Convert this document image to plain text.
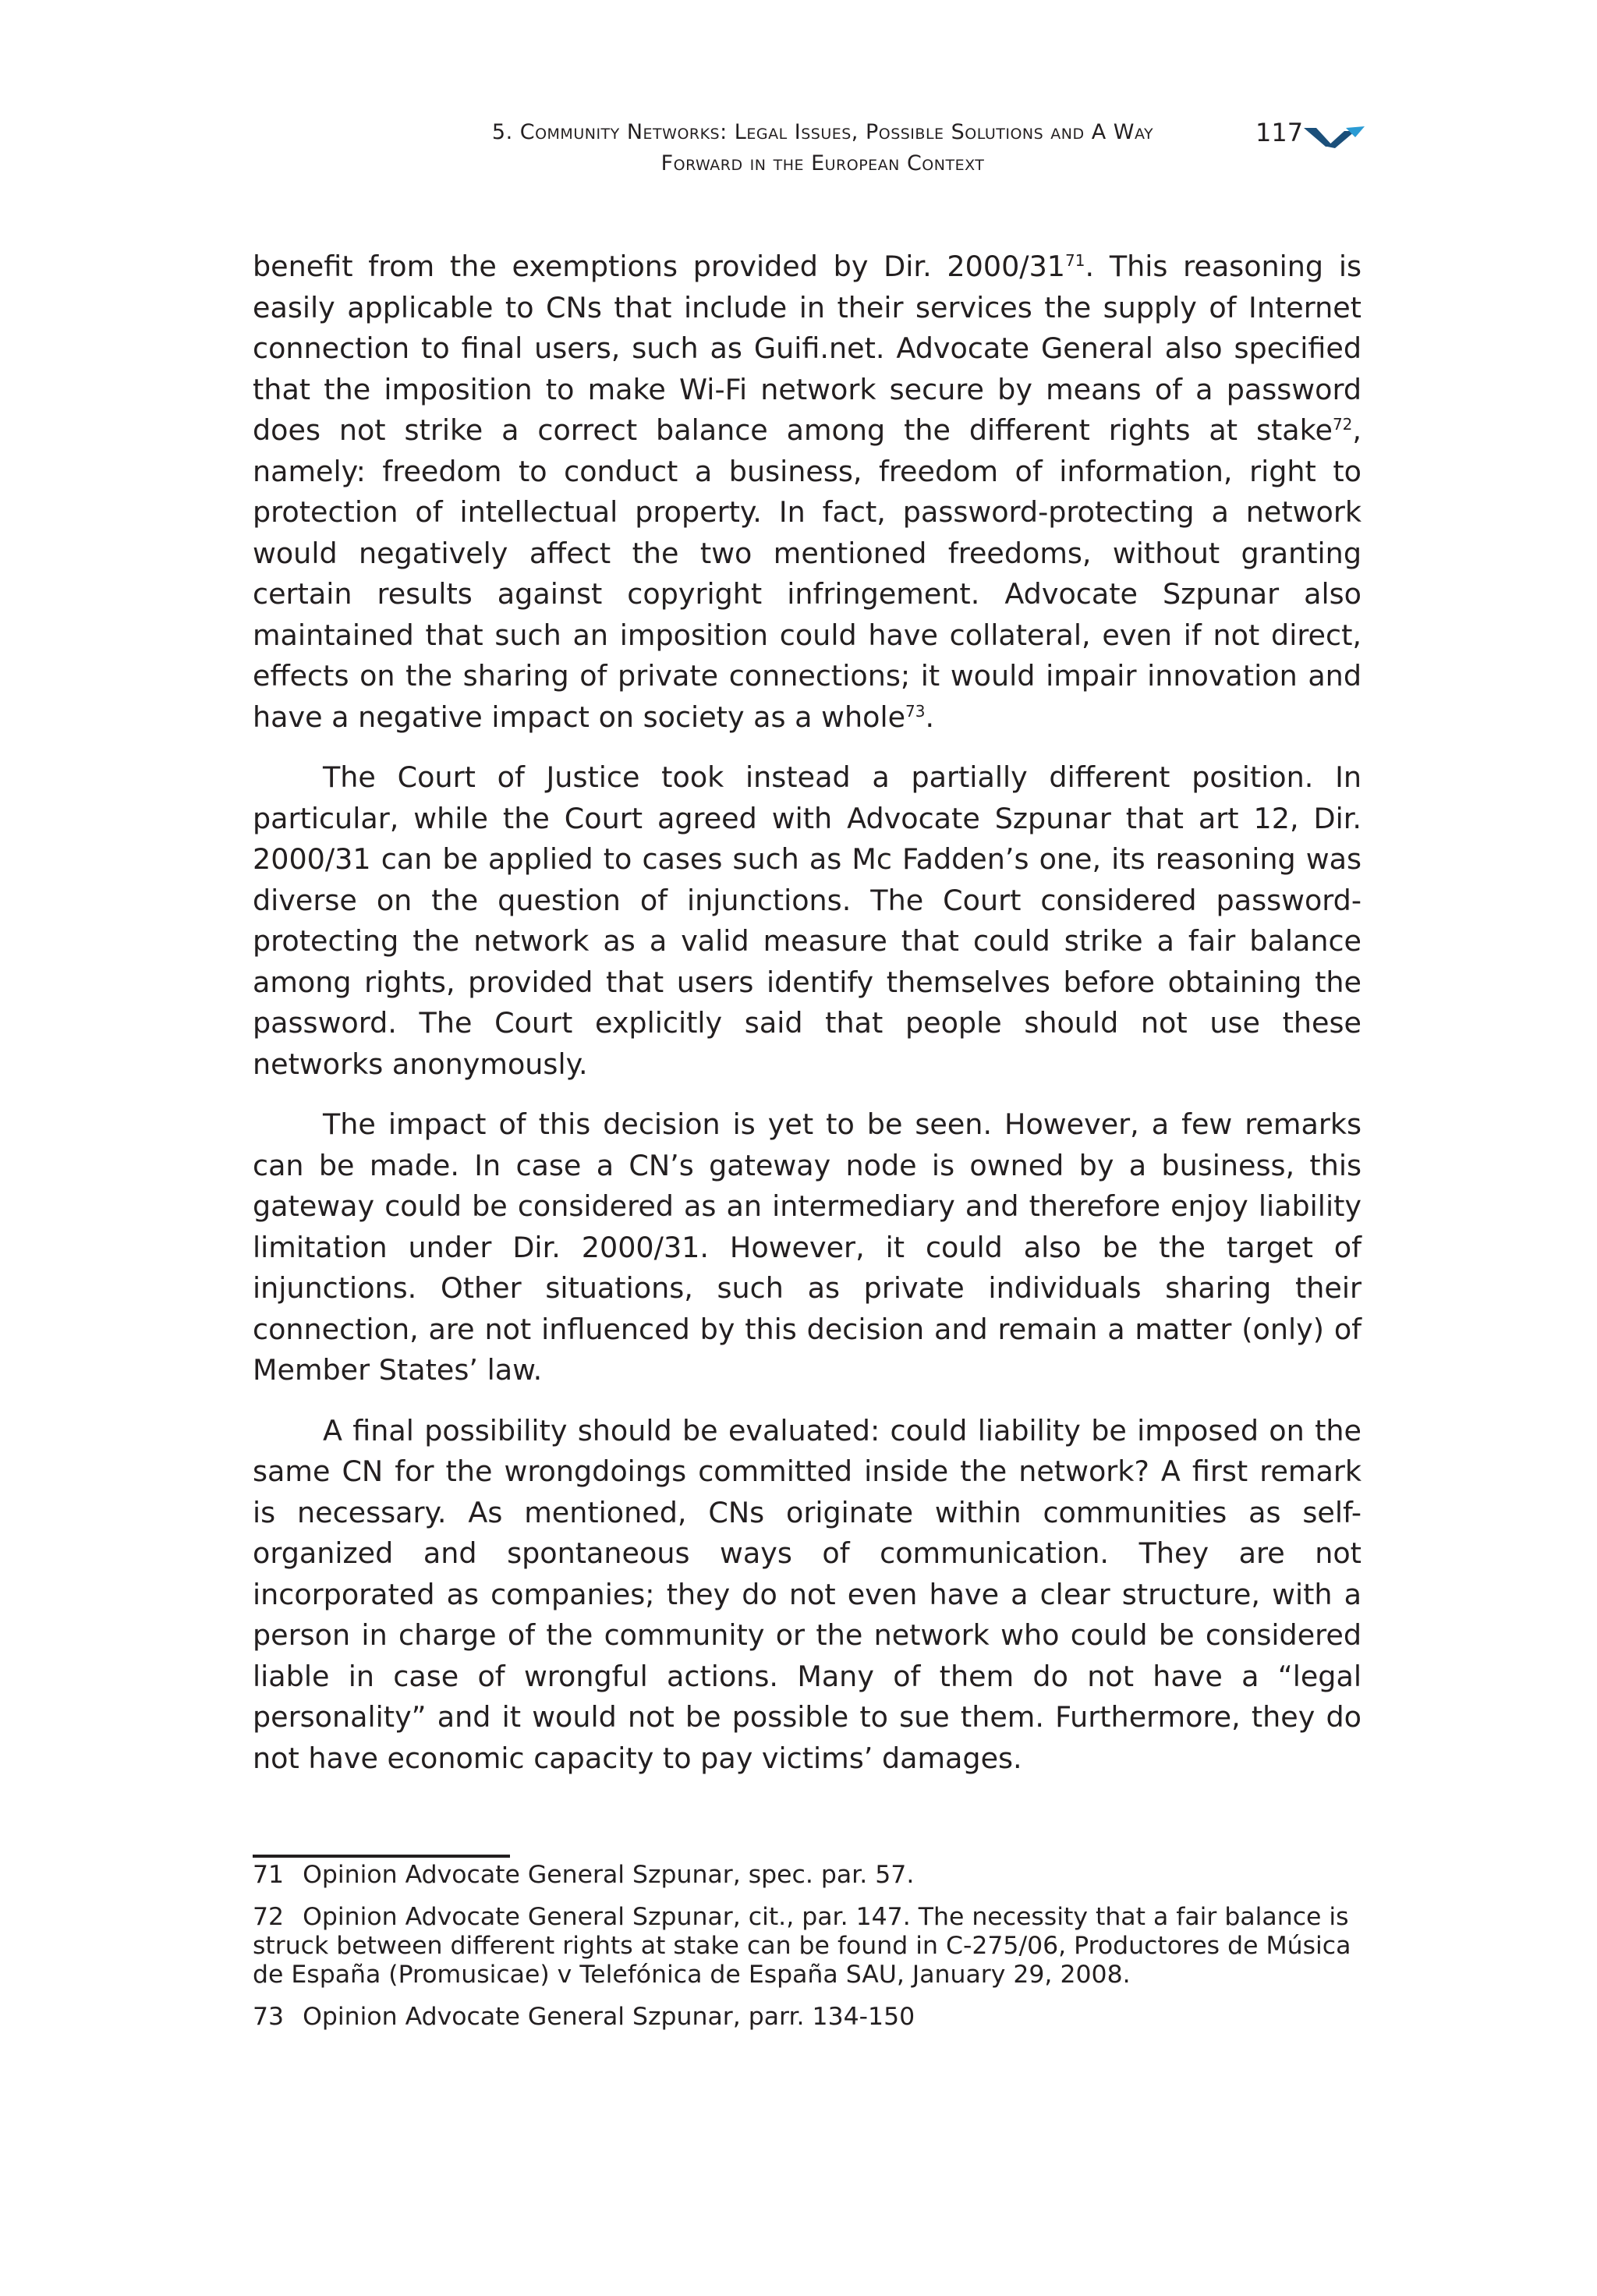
5. Community Networks: Legal Issues, Possible Solutions and A Way
Forward in the European Context
117

benefit from the exemptions provided by Dir. $2000/31^{71}$. This reasoning is easily applicable to CNs that include in their services the supply of Internet connection to final users, such as Guifi.net. Advocate General also specified that the imposition to make Wi-Fi network secure by means of a password does not strike a correct balance among the different rights at stake$^{72}$, namely: freedom to conduct a business, freedom of information, right to protection of intellectual property. In fact, password-protecting a network would negatively affect the two mentioned freedoms, without granting certain results against copyright infringement. Advocate Szpunar also maintained that such an imposition could have collateral, even if not direct, effects on the sharing of private connections; it would impair innovation and have a negative impact on society as a whole$^{73}$.

The Court of Justice took instead a partially different position. In particular, while the Court agreed with Advocate Szpunar that art 12, Dir. 2000/31 can be applied to cases such as Mc Fadden’s one, its reasoning was diverse on the question of injunctions. The Court considered password-protecting the network as a valid measure that could strike a fair balance among rights, provided that users identify themselves before obtaining the password. The Court explicitly said that people should not use these networks anonymously.

The impact of this decision is yet to be seen. However, a few remarks can be made. In case a CN’s gateway node is owned by a business, this gateway could be considered as an intermediary and therefore enjoy liability limitation under Dir. 2000/31. However, it could also be the target of injunctions. Other situations, such as private individuals sharing their connection, are not influenced by this decision and remain a matter (only) of Member States’ law.

A final possibility should be evaluated: could liability be imposed on the same CN for the wrongdoings committed inside the network? A first remark is necessary. As mentioned, CNs originate within communities as self-organized and spontaneous ways of communication. They are not incorporated as companies; they do not even have a clear structure, with a person in charge of the community or the network who could be considered liable in case of wrongful actions. Many of them do not have a “legal personality” and it would not be possible to sue them. Furthermore, they do not have economic capacity to pay victims’ damages.

71 Opinion Advocate General Szpunar, spec. par. 57.
72 Opinion Advocate General Szpunar, cit., par. 147. The necessity that a fair balance is struck between different rights at stake can be found in C-275/06, Productores de Música de España (Promusicae) v Telefónica de España SAU, January 29, 2008.
73 Opinion Advocate General Szpunar, parr. 134-150
